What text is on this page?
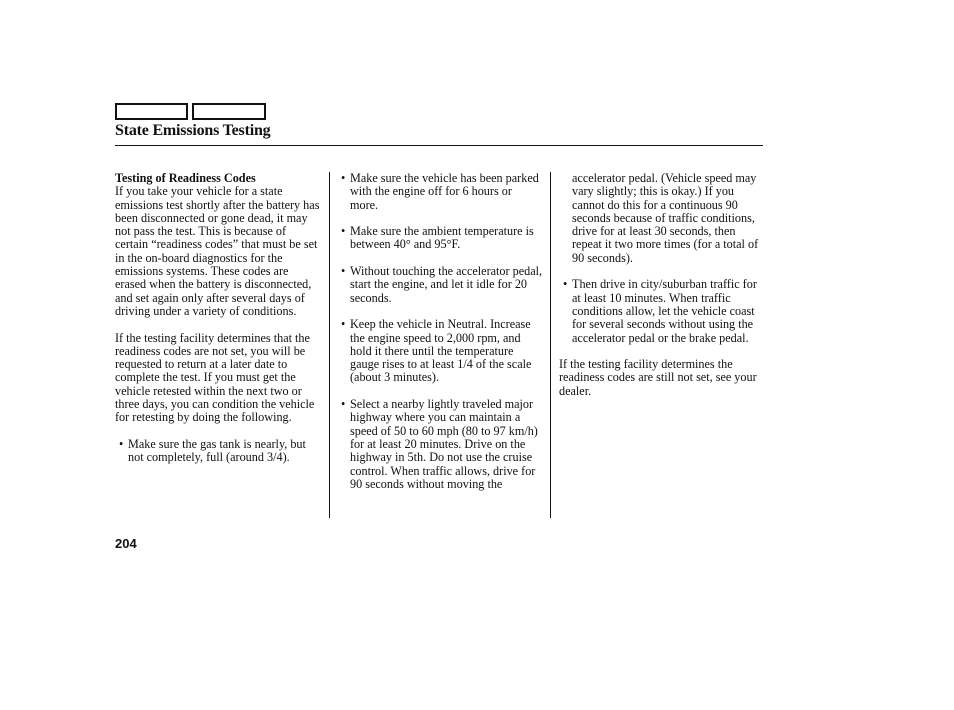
State Emissions Testing
Testing of Readiness Codes

If you take your vehicle for a state emissions test shortly after the battery has been disconnected or gone dead, it may not pass the test. This is because of certain “readiness codes” that must be set in the on-board diagnostics for the emissions systems. These codes are erased when the battery is disconnected, and set again only after several days of driving under a variety of conditions.

If the testing facility determines that the readiness codes are not set, you will be requested to return at a later date to complete the test. If you must get the vehicle retested within the next two or three days, you can condition the vehicle for retesting by doing the following.

• Make sure the gas tank is nearly, but not completely, full (around 3/4).
• Make sure the vehicle has been parked with the engine off for 6 hours or more.
• Make sure the ambient temperature is between 40° and 95°F.
• Without touching the accelerator pedal, start the engine, and let it idle for 20 seconds.
• Keep the vehicle in Neutral. Increase the engine speed to 2,000 rpm, and hold it there until the temperature gauge rises to at least 1/4 of the scale (about 3 minutes).
• Select a nearby lightly traveled major highway where you can maintain a speed of 50 to 60 mph (80 to 97 km/h) for at least 20 minutes. Drive on the highway in 5th. Do not use the cruise control. When traffic allows, drive for 90 seconds without moving the

accelerator pedal. (Vehicle speed may vary slightly; this is okay.) If you cannot do this for a continuous 90 seconds because of traffic conditions, drive for at least 30 seconds, then repeat it two more times (for a total of 90 seconds).

• Then drive in city/suburban traffic for at least 10 minutes. When traffic conditions allow, let the vehicle coast for several seconds without using the accelerator pedal or the brake pedal.

If the testing facility determines the readiness codes are still not set, see your dealer.

204
